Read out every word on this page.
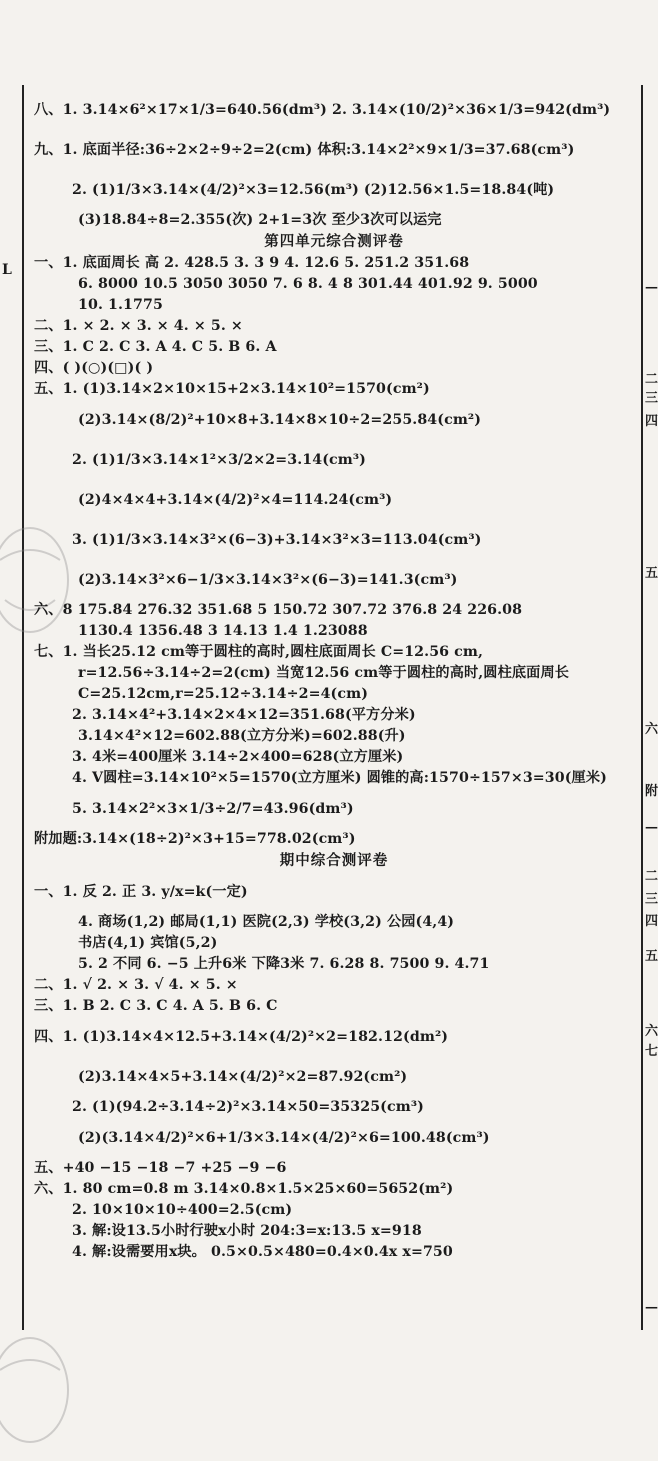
L
—
二
三
四
五
六
附
—
二
三
四
五
六
七
—
八、1. 3.14×6²×17×1/3=640.56(dm³) 2. 3.14×(10/2)²×36×1/3=942(dm³)
九、1. 底面半径:36÷2×2÷9÷2=2(cm) 体积:3.14×2²×9×1/3=37.68(cm³)
2. (1)1/3×3.14×(4/2)²×3=12.56(m³) (2)12.56×1.5=18.84(吨)
(3)18.84÷8=2.355(次) 2+1=3次 至少3次可以运完
第四单元综合测评卷
一、1. 底面周长 高 2. 428.5 3. 3 9 4. 12.6 5. 251.2 351.68
6. 8000 10.5 3050 3050 7. 6 8. 4 8 301.44 401.92 9. 5000
10. 1.1775
二、1. × 2. × 3. × 4. × 5. ×
三、1. C 2. C 3. A 4. C 5. B 6. A
四、( )(○)(□)( )
五、1. (1)3.14×2×10×15+2×3.14×10²=1570(cm²)
(2)3.14×(8/2)²+10×8+3.14×8×10÷2=255.84(cm²)
2. (1)1/3×3.14×1²×3/2×2=3.14(cm³)
(2)4×4×4+3.14×(4/2)²×4=114.24(cm³)
3. (1)1/3×3.14×3²×(6−3)+3.14×3²×3=113.04(cm³)
(2)3.14×3²×6−1/3×3.14×3²×(6−3)=141.3(cm³)
六、8 175.84 276.32 351.68 5 150.72 307.72 376.8 24 226.08
1130.4 1356.48 3 14.13 1.4 1.23088
七、1. 当长25.12 cm等于圆柱的高时,圆柱底面周长 C=12.56 cm,
r=12.56÷3.14÷2=2(cm) 当宽12.56 cm等于圆柱的高时,圆柱底面周长
C=25.12cm,r=25.12÷3.14÷2=4(cm)
2. 3.14×4²+3.14×2×4×12=351.68(平方分米)
3.14×4²×12=602.88(立方分米)=602.88(升)
3. 4米=400厘米 3.14÷2×400=628(立方厘米)
4. V圆柱=3.14×10²×5=1570(立方厘米) 圆锥的高:1570÷157×3=30(厘米)
5. 3.14×2²×3×1/3÷2/7=43.96(dm³)
附加题:3.14×(18÷2)²×3+15=778.02(cm³)
期中综合测评卷
一、1. 反 2. 正 3. y/x=k(一定)
4. 商场(1,2) 邮局(1,1) 医院(2,3) 学校(3,2) 公园(4,4)
书店(4,1) 宾馆(5,2)
5. 2 不同 6. −5 上升6米 下降3米 7. 6.28 8. 7500 9. 4.71
二、1. √ 2. × 3. √ 4. × 5. ×
三、1. B 2. C 3. C 4. A 5. B 6. C
四、1. (1)3.14×4×12.5+3.14×(4/2)²×2=182.12(dm²)
(2)3.14×4×5+3.14×(4/2)²×2=87.92(cm²)
2. (1)(94.2÷3.14÷2)²×3.14×50=35325(cm³)
(2)(3.14×4/2)²×6+1/3×3.14×(4/2)²×6=100.48(cm³)
五、+40 −15 −18 −7 +25 −9 −6
六、1. 80 cm=0.8 m 3.14×0.8×1.5×25×60=5652(m²)
2. 10×10×10÷400=2.5(cm)
3. 解:设13.5小时行驶x小时 204:3=x:13.5 x=918
4. 解:设需要用x块。 0.5×0.5×480=0.4×0.4x x=750
